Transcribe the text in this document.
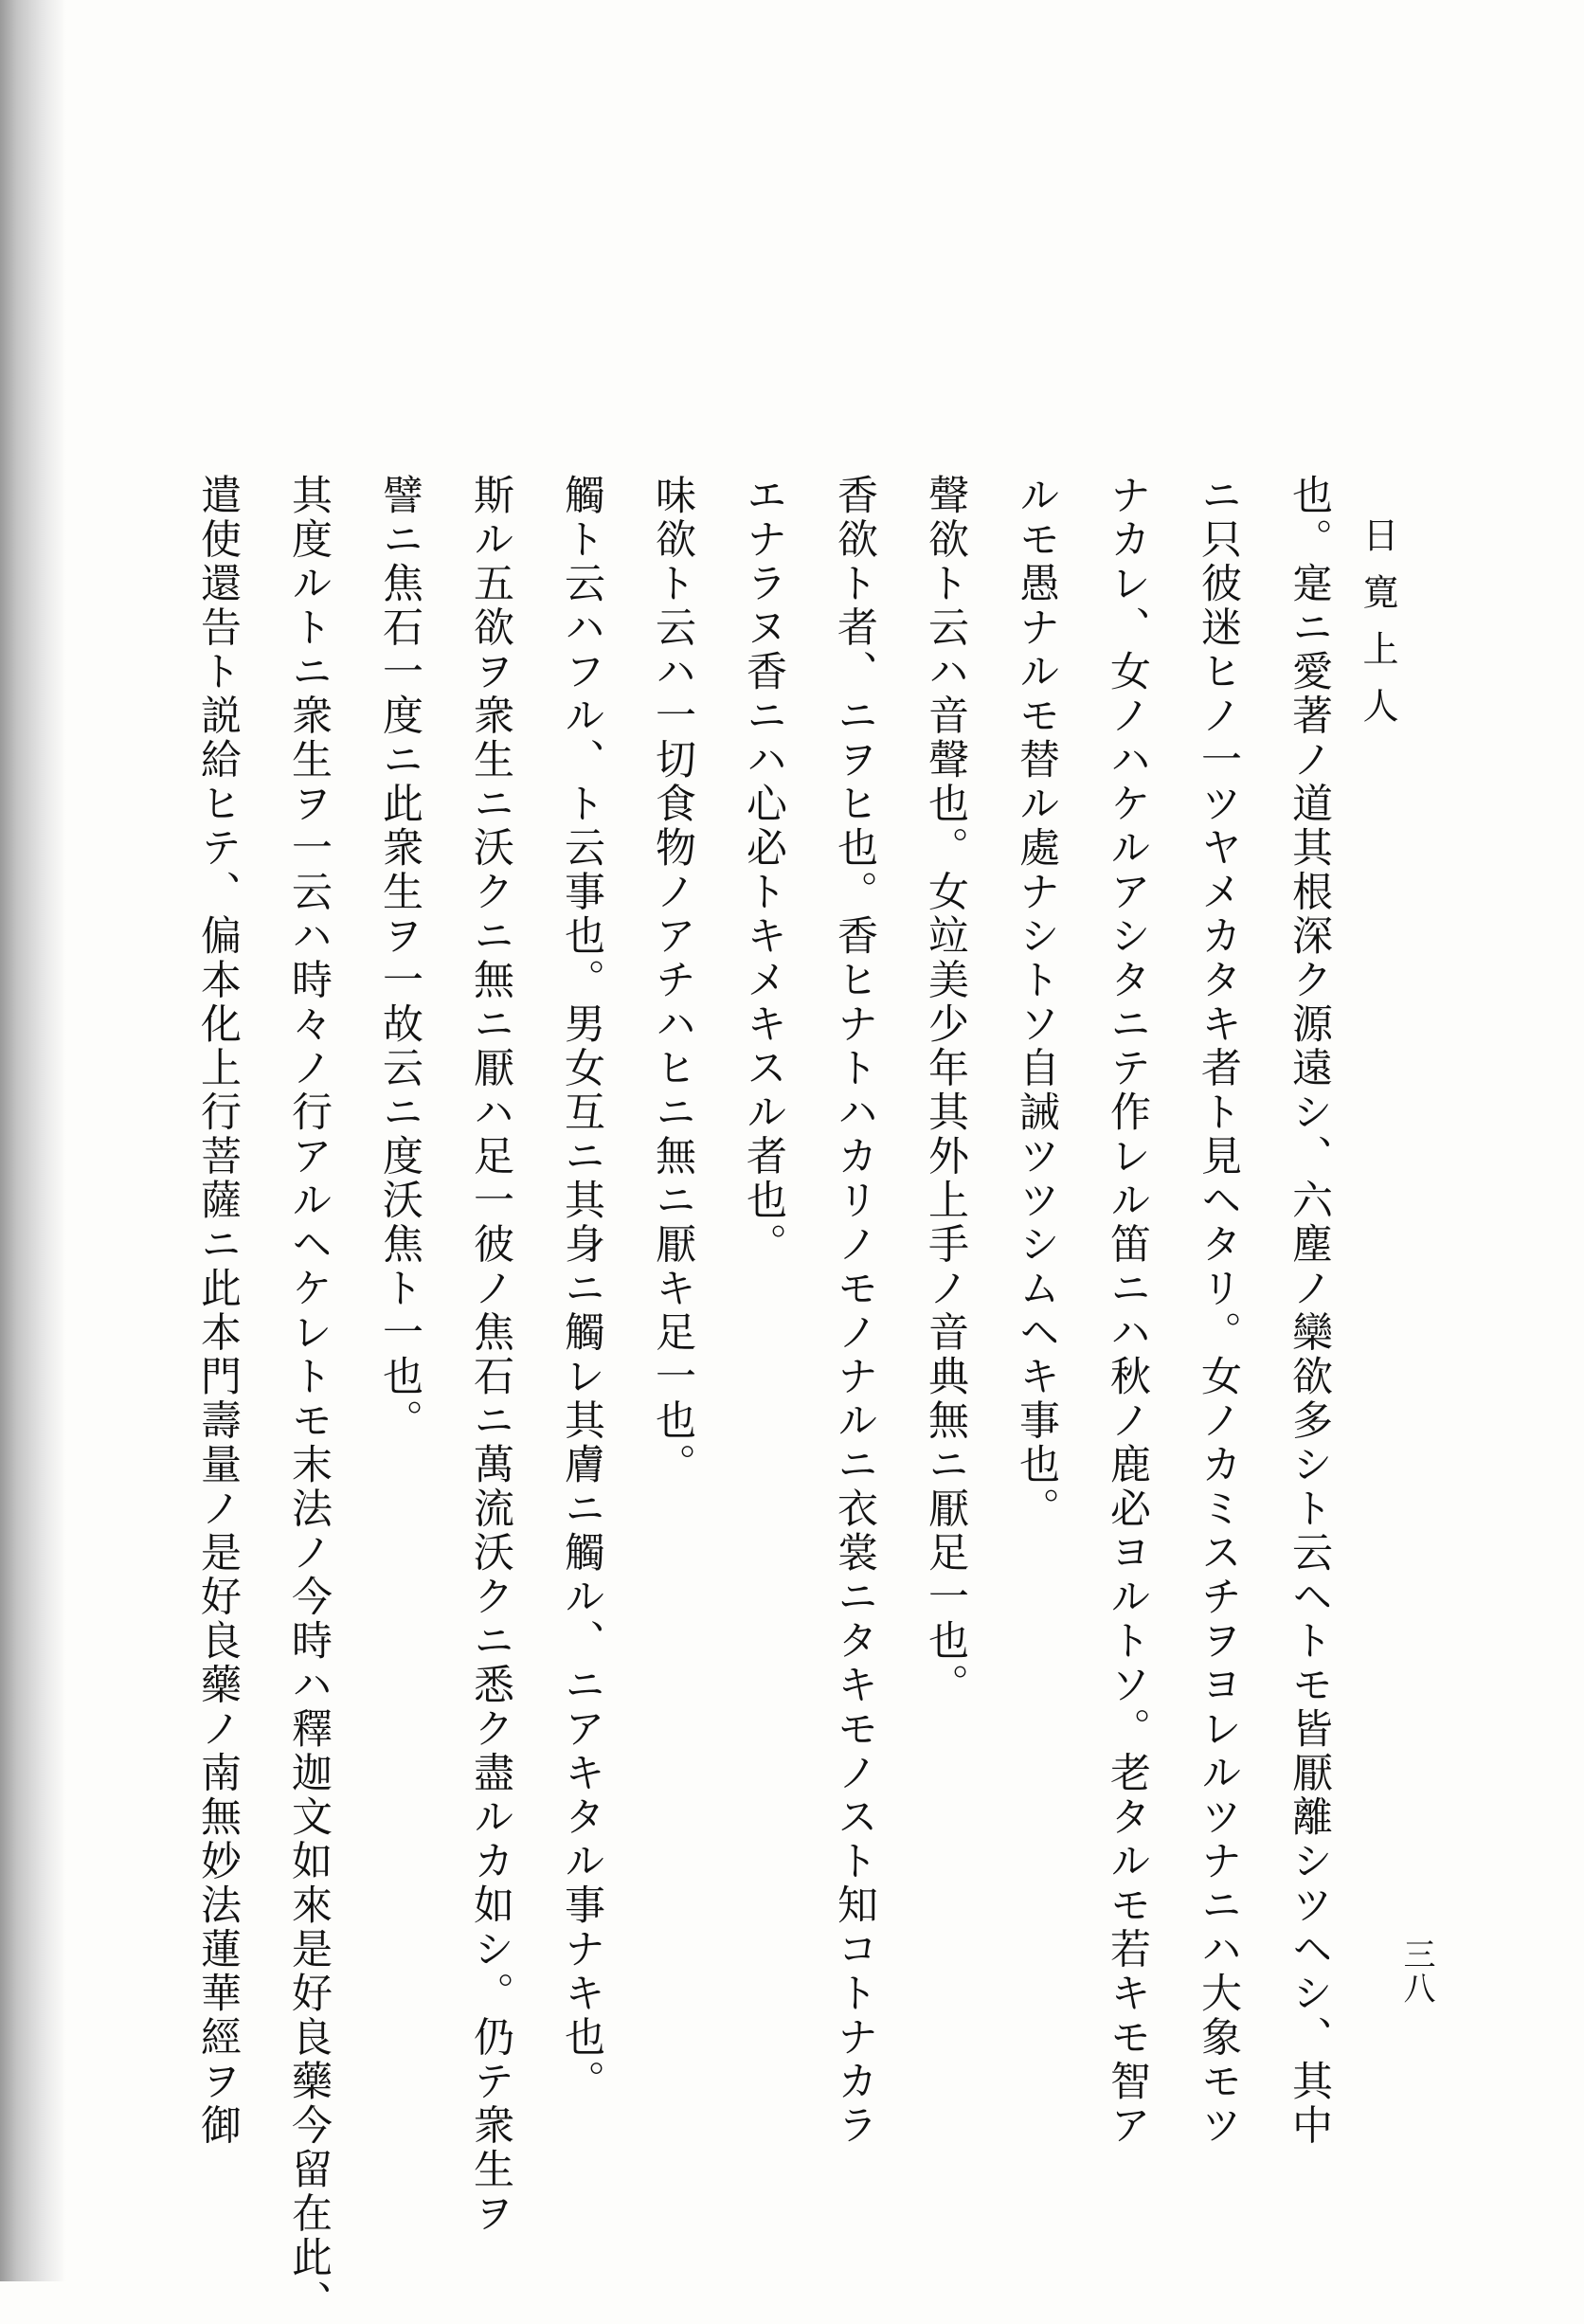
日寛上人
三八
也。寔ニ愛著ノ道其根深ク源遠シ、六塵ノ欒欲多シト云ヘトモ皆厭離シツヘシ、其中
ニ只彼迷ヒノ一ツヤメカタキ者ト見ヘタリ。女ノカミスチヲヨレルツナニハ大象モツ
ナカレ、女ノハケルアシタニテ作レル笛ニハ秋ノ鹿必ヨルトソ。老タルモ若キモ智ア
ルモ愚ナルモ替ル處ナシトソ自誡ツツシムヘキ事也。
聲欲ト云ハ音聲也。女竝美少年其外上手ノ音典無ニ厭足一也。
香欲ト者、ニヲヒ也。香ヒナトハカリノモノナルニ衣裳ニタキモノスト知コトナカラ
エナラヌ香ニハ心必トキメキスル者也。
味欲ト云ハ一切食物ノアチハヒニ無ニ厭キ足一也。
觸ト云ハフル、ト云事也。男女互ニ其身ニ觸レ其膚ニ觸ル、ニアキタル事ナキ也。
斯ル五欲ヲ衆生ニ沃クニ無ニ厭ハ足一彼ノ焦石ニ萬流沃クニ悉ク盡ルカ如シ。仍テ衆生ヲ
譬ニ焦石一度ニ此衆生ヲ一故云ニ度沃焦ト一也。
其度ルトニ衆生ヲ一云ハ時々ノ行アルヘケレトモ末法ノ今時ハ釋迦文如來是好良藥今留在此、
遣使還告ト説給ヒテ、偏本化上行菩薩ニ此本門壽量ノ是好良藥ノ南無妙法蓮華經ヲ御
